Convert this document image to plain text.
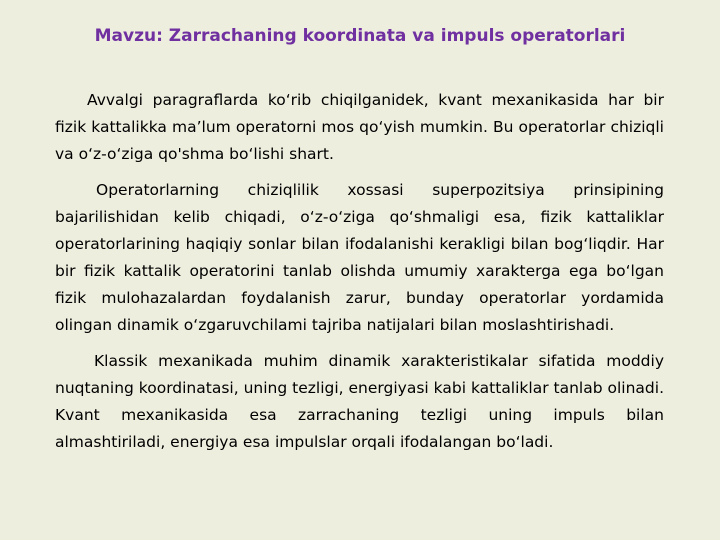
Mavzu: Zarrachaning koordinata va impuls operatorlari

Avvalgi paragraflarda ko‘rib chiqilganidek, kvant mexanikasida har bir fizik kattalikka ma’lum operatorni mos qo‘yish mumkin. Bu operatorlar chiziqli va o‘z-o‘ziga qo'shma bo‘lishi shart.

Operatorlarning chiziqlilik xossasi superpozitsiya prinsipining bajarilishidan kelib chiqadi, o‘z-o‘ziga qo‘shmaligi esa, fizik kattaliklar operatorlarining haqiqiy sonlar bilan ifodalanishi kerakligi bilan bog‘liqdir. Har bir fizik kattalik operatorini tanlab olishda umumiy xarakterga ega bo‘lgan fizik mulohazalardan foydalanish zarur, bunday operatorlar yordamida olingan dinamik o‘zgaruvchilami tajriba natijalari bilan moslashtirishadi.

Klassik mexanikada muhim dinamik xarakteristikalar sifatida moddiy nuqtaning koordinatasi, uning tezligi, energiyasi kabi kattaliklar tanlab olinadi. Kvant mexanikasida esa zarrachaning tezligi uning impuls bilan almashtiriladi, energiya esa impulslar orqali ifodalangan bo‘ladi.
